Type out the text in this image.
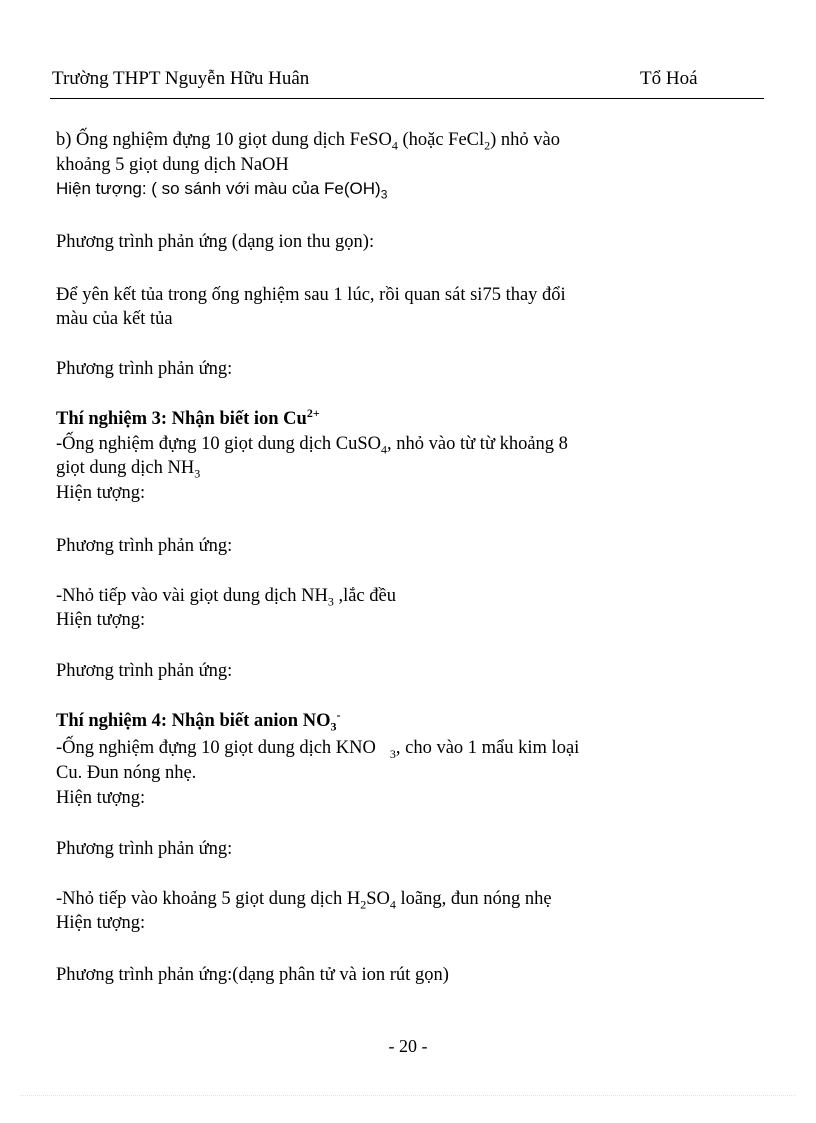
Trường THPT Nguyễn Hữu Huân	Tổ Hoá
b) Ống nghiệm đựng 10 giọt dung dịch FeSO$_4$ (hoặc FeCl$_2$) nhỏ vào
khoảng 5 giọt dung dịch NaOH
Hiện tượng: ( so sánh với màu của $Fe(OH)_3$
Phương trình phản ứng (dạng ion thu gọn):
Để yên kết tủa trong ống nghiệm sau 1 lúc, rồi quan sát si75 thay đổi
màu của kết tủa
Phương trình phản ứng:
Thí nghiệm 3: Nhận biết ion $Cu^{2+}$
-Ống nghiệm đựng 10 giọt dung dịch CuSO$_4$, nhỏ vào từ từ khoảng 8
giọt dung dịch $NH_3$
Hiện tượng:
Phương trình phản ứng:
-Nhỏ tiếp vào vài giọt dung dịch $NH_3$ ,lắc đều
Hiện tượng:
Phương trình phản ứng:
Thí nghiệm 4: Nhận biết anion $NO_3^-$
-Ống nghiệm đựng 10 giọt dung dịch KNO $_3$, cho vào 1 mẩu kim loại
Cu. Đun nóng nhẹ.
Hiện tượng:
Phương trình phản ứng:
-Nhỏ tiếp vào khoảng 5 giọt dung dịch $H_2SO_4$ loãng, đun nóng nhẹ
Hiện tượng:
Phương trình phản ứng:(dạng phân tử và ion rút gọn)
- 20 -
